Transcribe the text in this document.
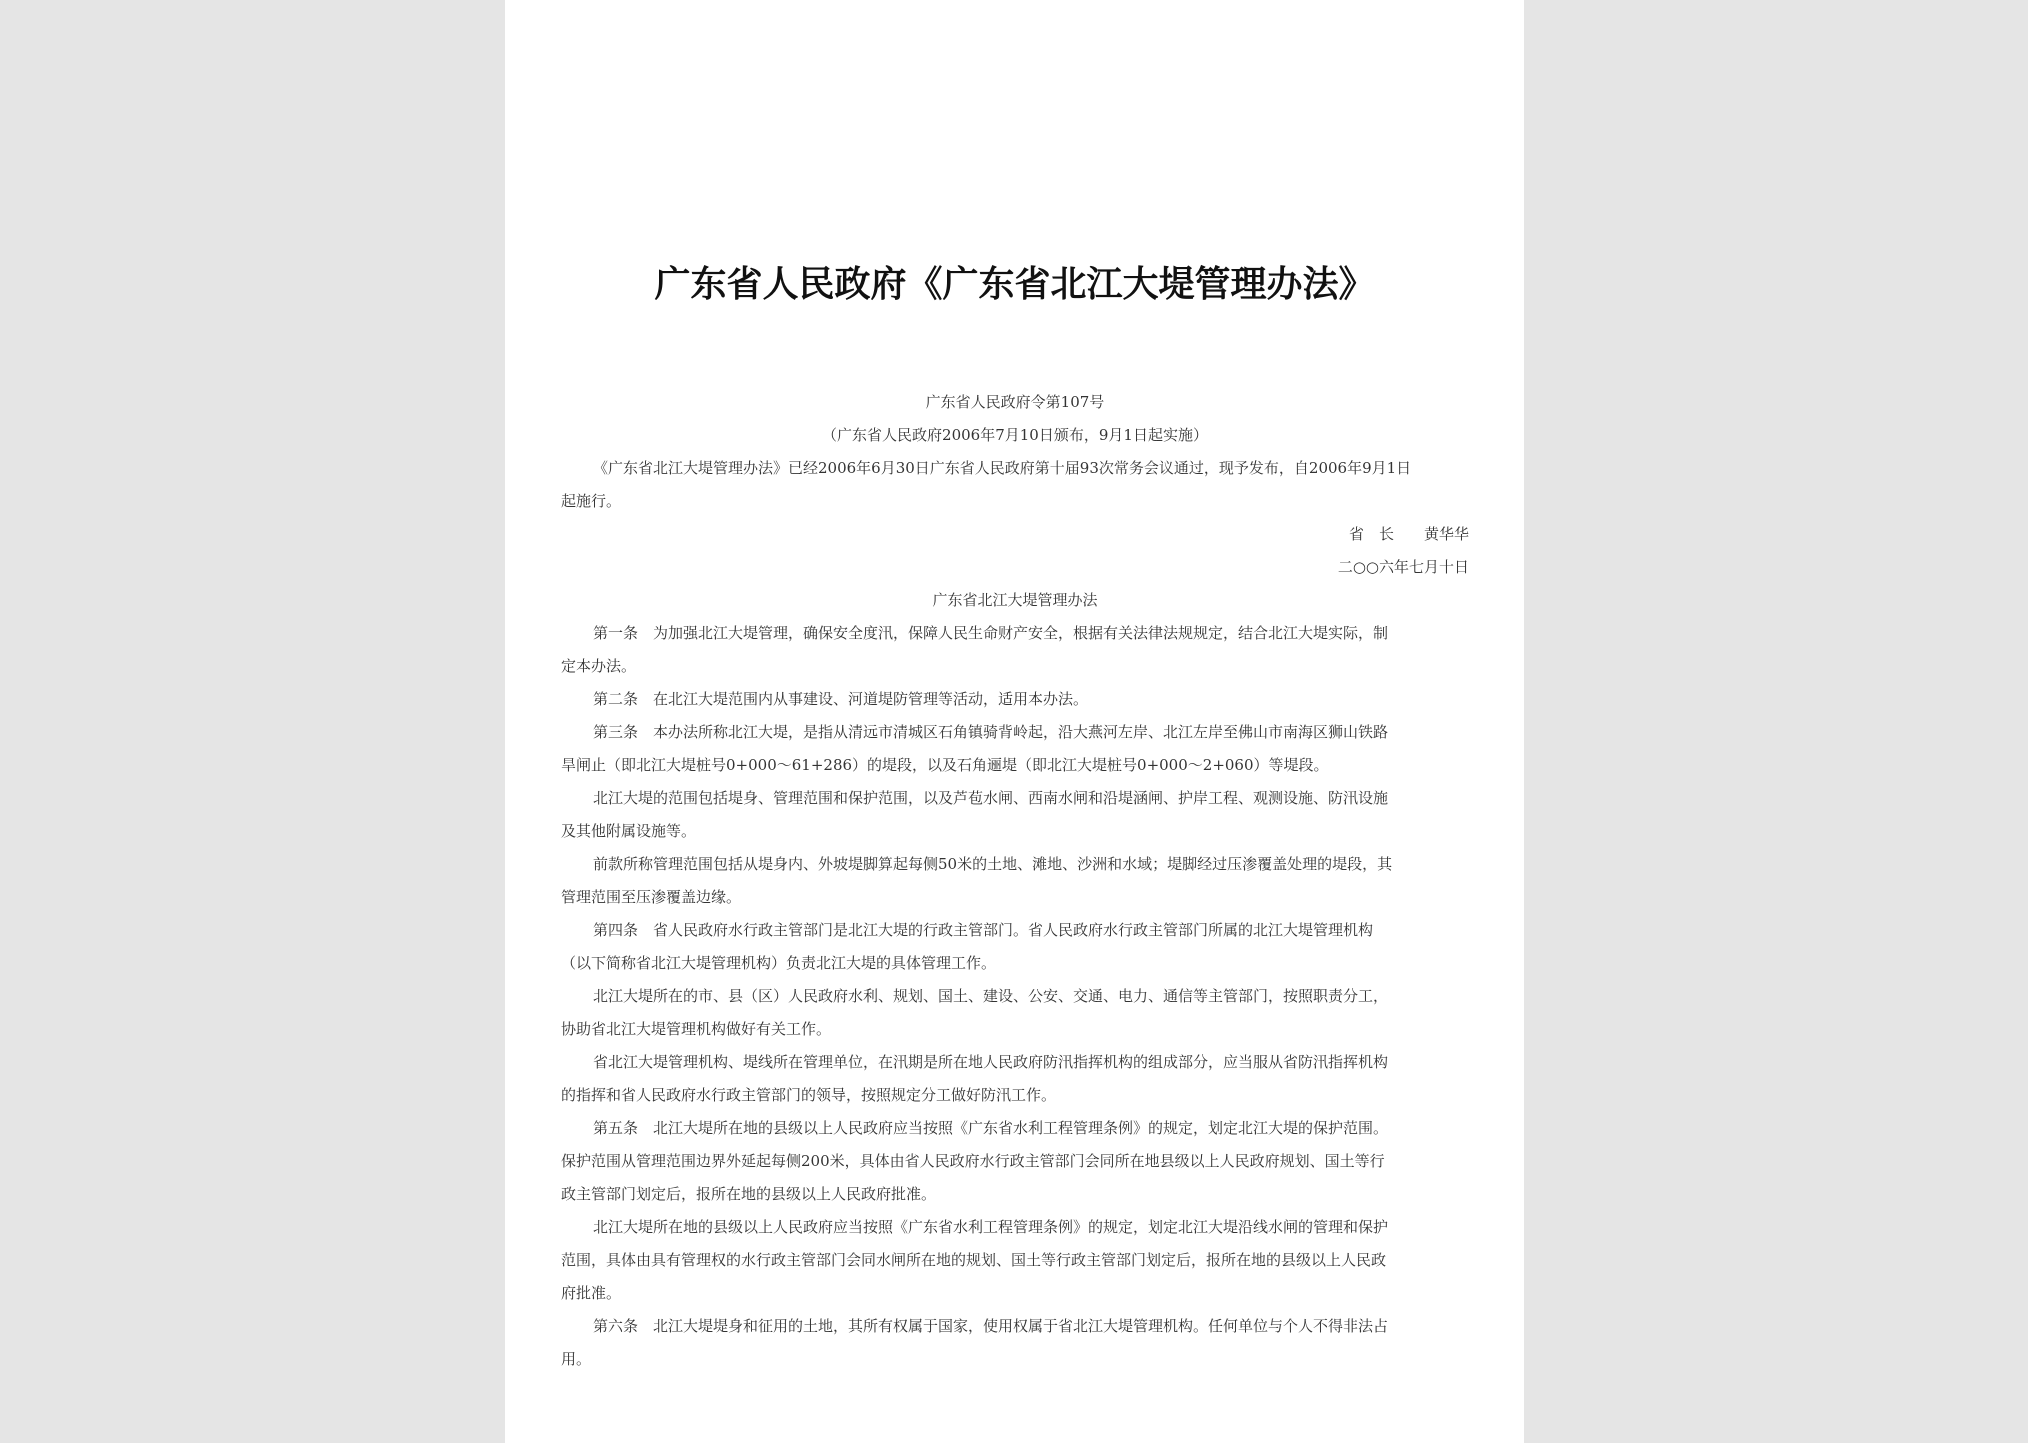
广东省人民政府《广东省北江大堤管理办法》
广东省人民政府令第107号
（广东省人民政府2006年7月10日颁布，9月1日起实施）
《广东省北江大堤管理办法》已经2006年6月30日广东省人民政府第十届93次常务会议通过，现予发布，自2006年9月1日
起施行。
省　长　　黄华华
二○○六年七月十日
广东省北江大堤管理办法
第一条　为加强北江大堤管理，确保安全度汛，保障人民生命财产安全，根据有关法律法规规定，结合北江大堤实际，制
定本办法。
第二条　在北江大堤范围内从事建设、河道堤防管理等活动，适用本办法。
第三条　本办法所称北江大堤，是指从清远市清城区石角镇骑背岭起，沿大燕河左岸、北江左岸至佛山市南海区狮山铁路
旱闸止（即北江大堤桩号0+000～61+286）的堤段，以及石角逦堤（即北江大堤桩号0+000～2+060）等堤段。
北江大堤的范围包括堤身、管理范围和保护范围，以及芦苞水闸、西南水闸和沿堤涵闸、护岸工程、观测设施、防汛设施
及其他附属设施等。
前款所称管理范围包括从堤身内、外坡堤脚算起每侧50米的土地、滩地、沙洲和水域；堤脚经过压渗覆盖处理的堤段，其
管理范围至压渗覆盖边缘。
第四条　省人民政府水行政主管部门是北江大堤的行政主管部门。省人民政府水行政主管部门所属的北江大堤管理机构
（以下简称省北江大堤管理机构）负责北江大堤的具体管理工作。
北江大堤所在的市、县（区）人民政府水利、规划、国土、建设、公安、交通、电力、通信等主管部门，按照职责分工，
协助省北江大堤管理机构做好有关工作。
省北江大堤管理机构、堤线所在管理单位，在汛期是所在地人民政府防汛指挥机构的组成部分，应当服从省防汛指挥机构
的指挥和省人民政府水行政主管部门的领导，按照规定分工做好防汛工作。
第五条　北江大堤所在地的县级以上人民政府应当按照《广东省水利工程管理条例》的规定，划定北江大堤的保护范围。
保护范围从管理范围边界外延起每侧200米，具体由省人民政府水行政主管部门会同所在地县级以上人民政府规划、国土等行
政主管部门划定后，报所在地的县级以上人民政府批准。
北江大堤所在地的县级以上人民政府应当按照《广东省水利工程管理条例》的规定，划定北江大堤沿线水闸的管理和保护
范围，具体由具有管理权的水行政主管部门会同水闸所在地的规划、国土等行政主管部门划定后，报所在地的县级以上人民政
府批准。
第六条　北江大堤堤身和征用的土地，其所有权属于国家，使用权属于省北江大堤管理机构。任何单位与个人不得非法占
用。
